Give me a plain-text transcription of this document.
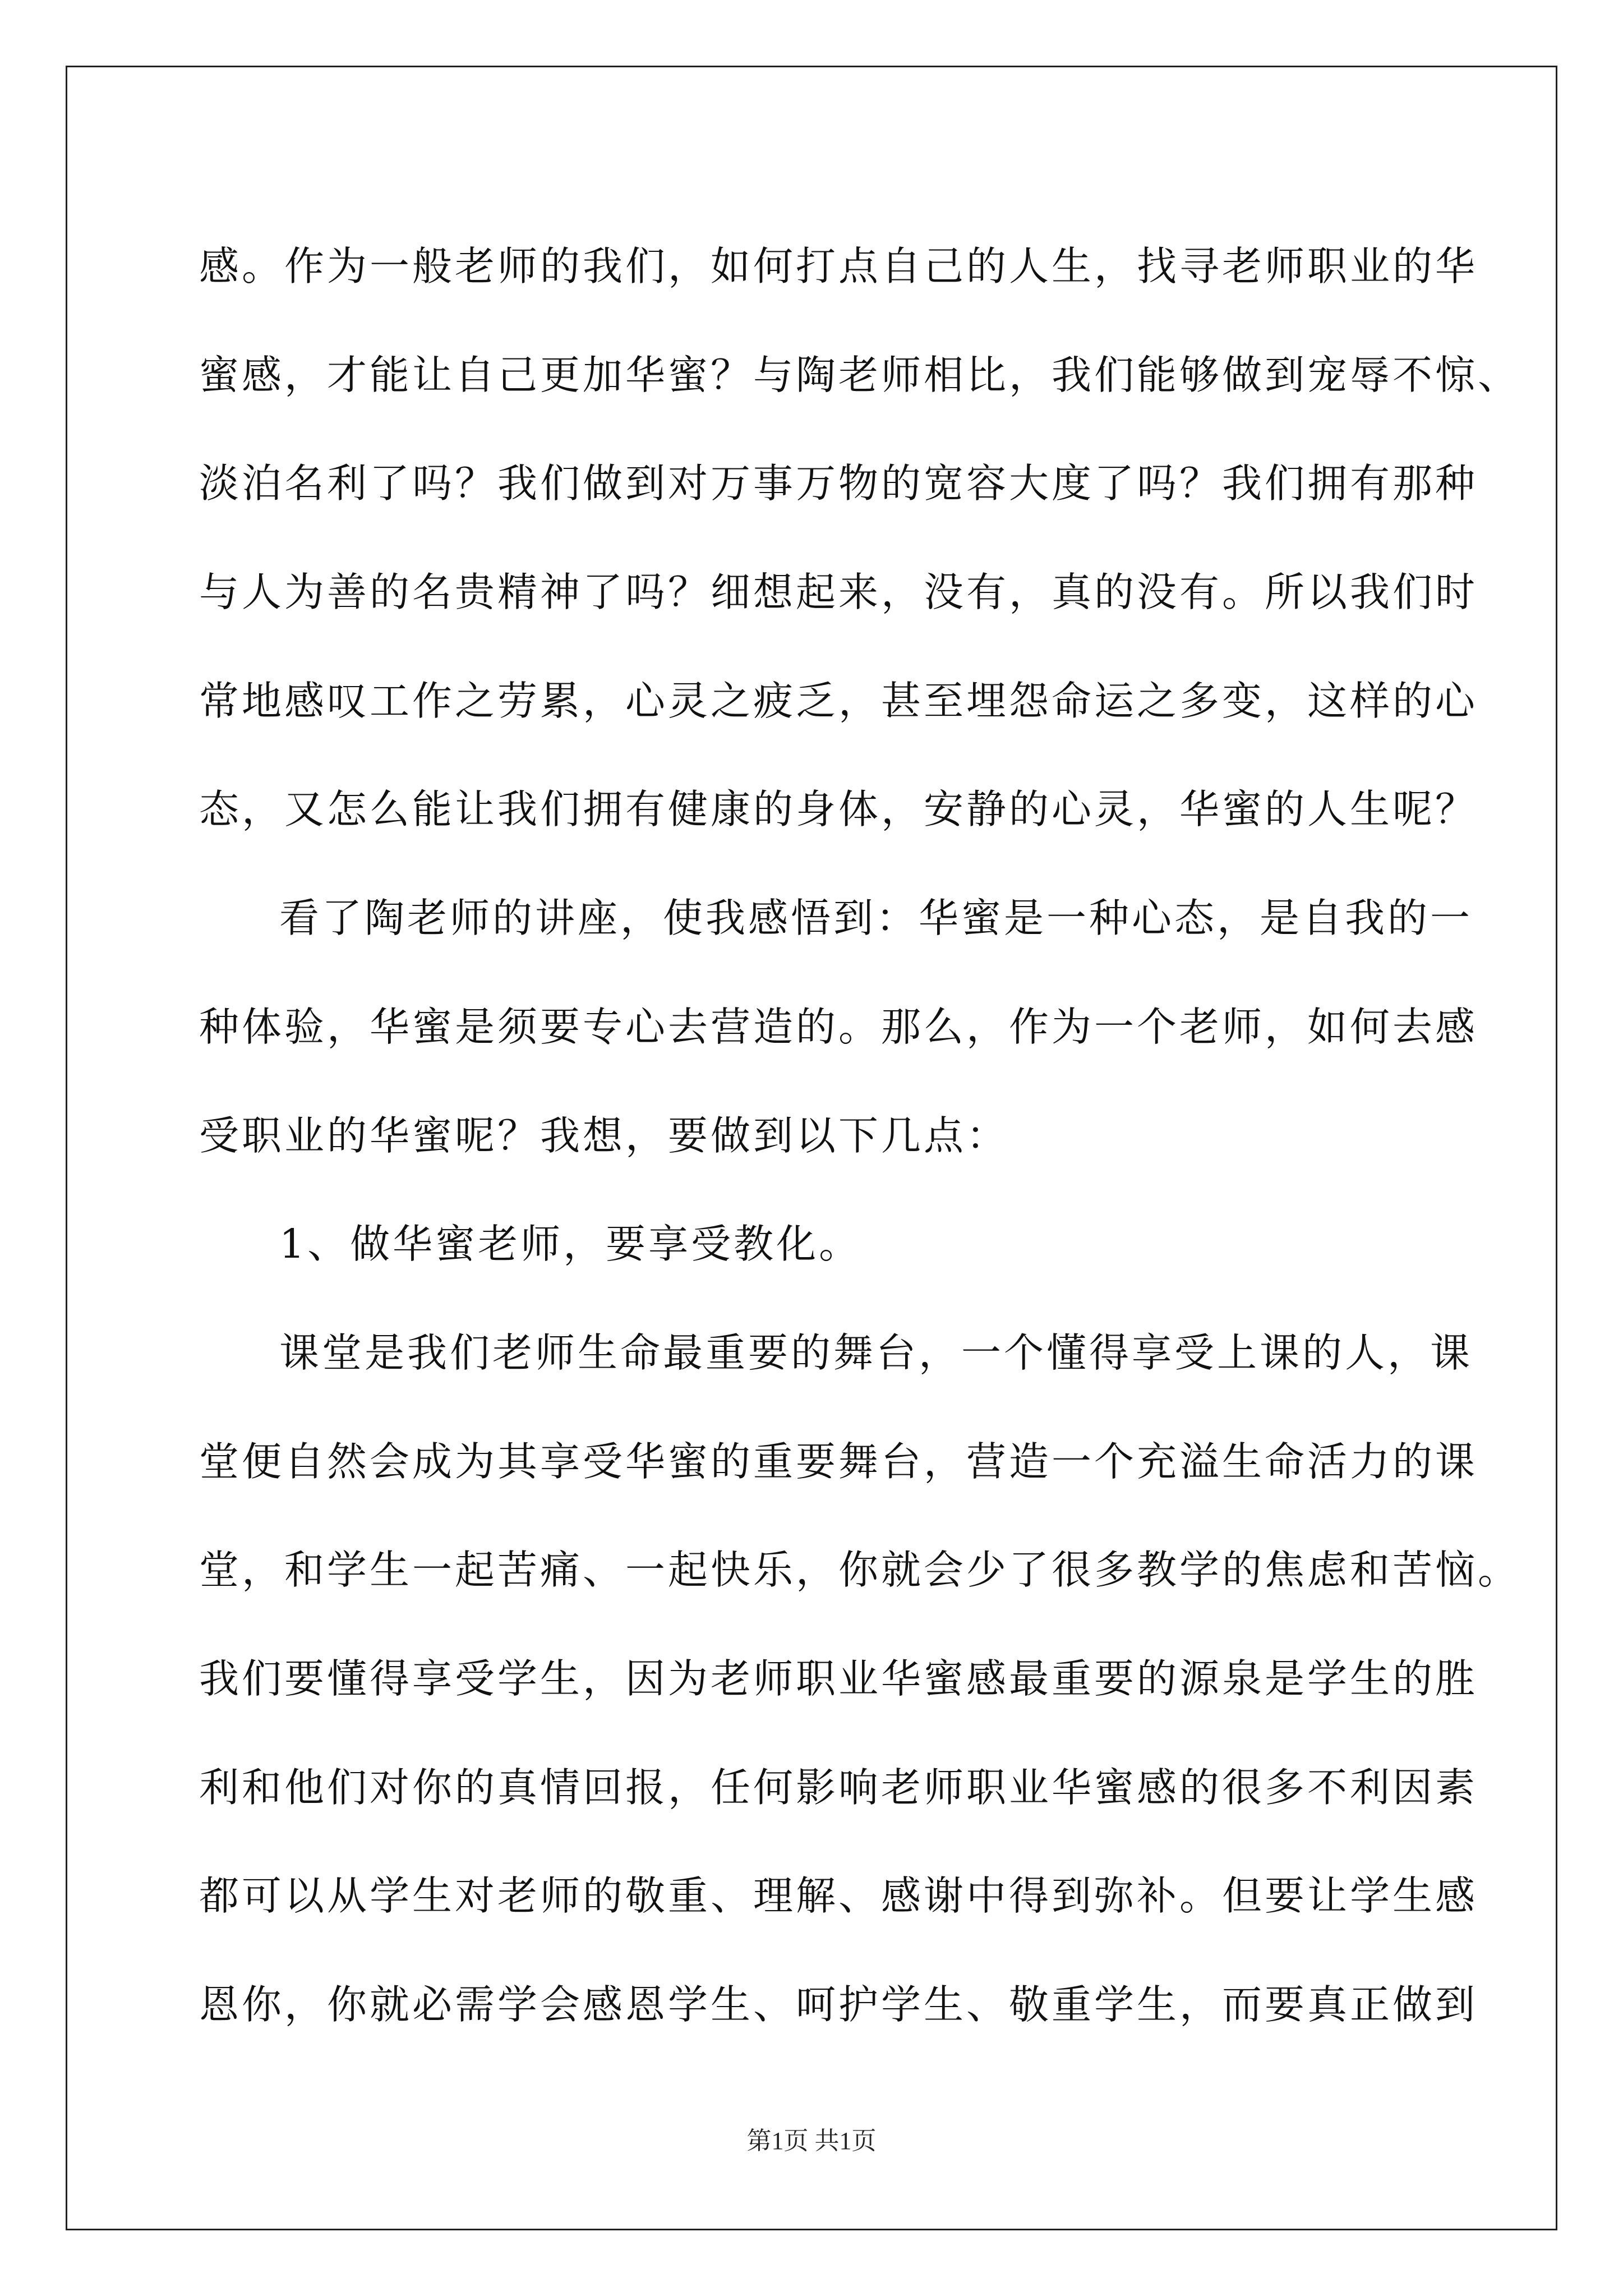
感。作为一般老师的我们，如何打点自己的人生，找寻老师职业的华
蜜感，才能让自己更加华蜜？与陶老师相比，我们能够做到宠辱不惊、
淡泊名利了吗？我们做到对万事万物的宽容大度了吗？我们拥有那种
与人为善的名贵精神了吗？细想起来，没有，真的没有。所以我们时
常地感叹工作之劳累，心灵之疲乏，甚至埋怨命运之多变，这样的心
态，又怎么能让我们拥有健康的身体，安静的心灵，华蜜的人生呢？
看了陶老师的讲座，使我感悟到：华蜜是一种心态，是自我的一
种体验，华蜜是须要专心去营造的。那么，作为一个老师，如何去感
受职业的华蜜呢？我想，要做到以下几点：
1、做华蜜老师，要享受教化。
课堂是我们老师生命最重要的舞台，一个懂得享受上课的人，课
堂便自然会成为其享受华蜜的重要舞台，营造一个充溢生命活力的课
堂，和学生一起苦痛、一起快乐，你就会少了很多教学的焦虑和苦恼。
我们要懂得享受学生，因为老师职业华蜜感最重要的源泉是学生的胜
利和他们对你的真情回报，任何影响老师职业华蜜感的很多不利因素
都可以从学生对老师的敬重、理解、感谢中得到弥补。但要让学生感
恩你，你就必需学会感恩学生、呵护学生、敬重学生，而要真正做到
第1页 共1页
